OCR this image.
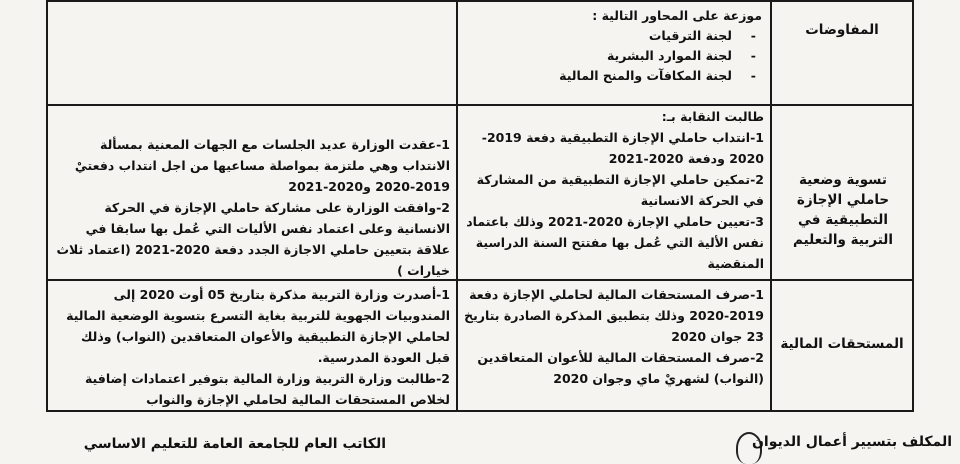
المفاوضات

موزعة على المحاور التالية :

- لجنة الترقيات
- لجنة الموارد البشرية
- لجنة المكافآت والمنح المالية
تسوية وضعية حاملي الإجازة التطبيقية في التربية والتعليم

طالبت النقابة بـ:

1-انتداب حاملي الإجازة التطبيقية دفعة 2019-2020 ودفعة 2020-2021

2-تمكين حاملي الإجازة التطبيقية من المشاركة في الحركة الانسانية

3-تعيين حاملي الإجازة 2020-2021 وذلك باعتماد نفس الألية التي عُمل بها مفتتح السنة الدراسية المنقضية

1-عقدت الوزارة عديد الجلسات مع الجهات المعنية بمسألة الانتداب وهي ملتزمة بمواصلة مساعيها من اجل انتداب دفعتيْ 2019-2020 و2020-2021

2-وافقت الوزارة على مشاركة حاملي الإجازة في الحركة الانسانية وعلى اعتماد نفس الأليات التي عُمل بها سابقا في علاقة بتعيين حاملي الاجازة الجدد دفعة 2020-2021 (اعتماد ثلاث خيارات )

المستحقات المالية

1-صرف المستحقات المالية لحاملي الإجازة دفعة 2019-2020 وذلك بتطبيق المذكرة الصادرة بتاريخ 23 جوان 2020

2-صرف المستحقات المالية للأعوان المتعاقدين (النواب) لشهريْ ماي وجوان 2020

1-أصدرت وزارة التربية مذكرة بتاريخ 05 أوت 2020 إلى المندوبيات الجهوية للتربية بغاية التسرع بتسوية الوضعية المالية لحاملي الإجازة التطبيقية والأعوان المتعاقدين (النواب) وذلك قبل العودة المدرسية.

2-طالبت وزارة التربية وزارة المالية بتوفير اعتمادات إضافية لخلاص المستحقات المالية لحاملي الإجازة والنواب

المكلف بتسيير أعمال الديوان
الكاتب العام للجامعة العامة للتعليم الاساسي
